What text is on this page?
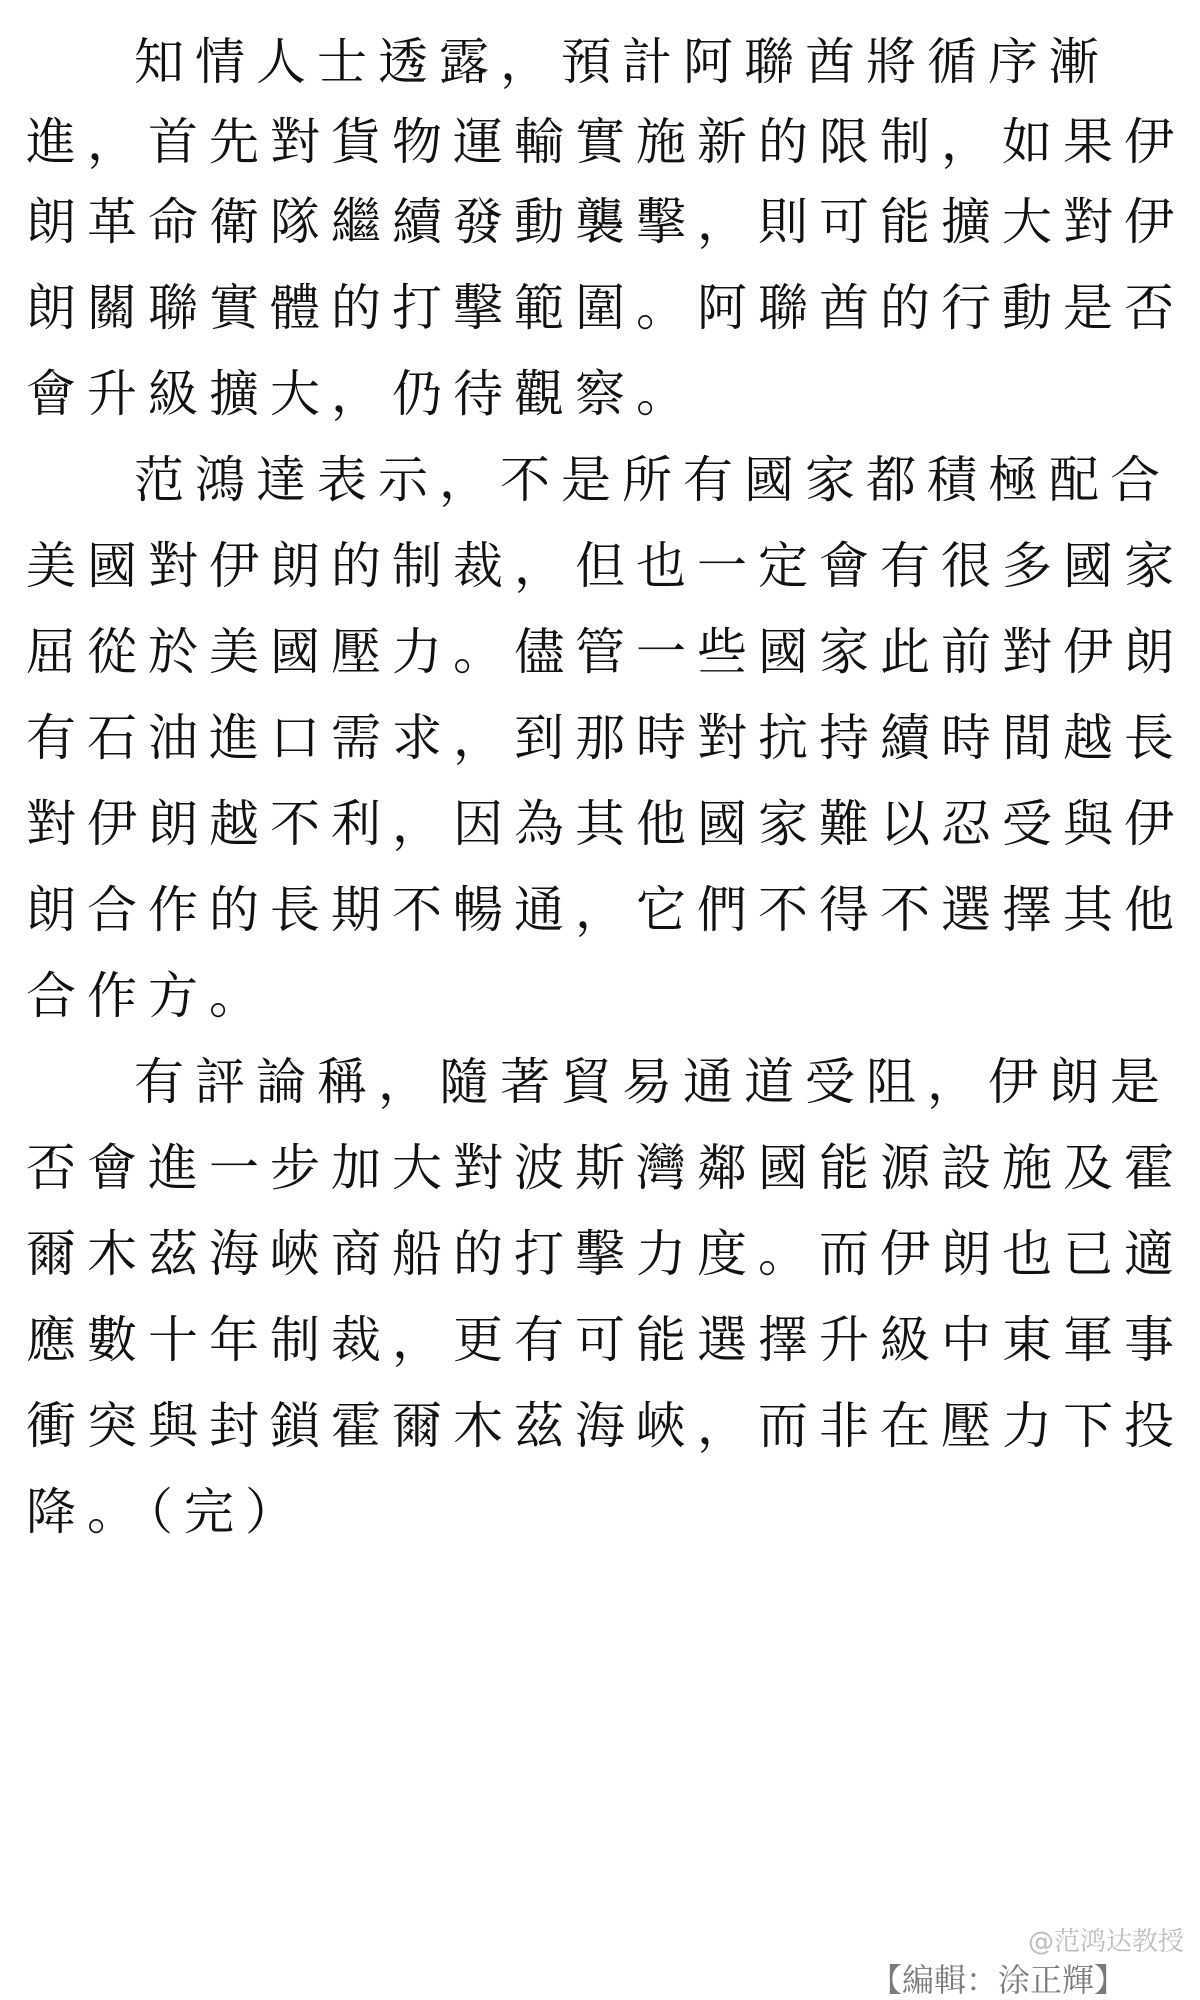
知情人士透露，預計阿聯酋將循序漸
進，首先對貨物運輸實施新的限制，如果伊
朗革命衛隊繼續發動襲擊，則可能擴大對伊
朗關聯實體的打擊範圍。阿聯酋的行動是否
會升級擴大，仍待觀察。
范鴻達表示，不是所有國家都積極配合
美國對伊朗的制裁，但也一定會有很多國家
屈從於美國壓力。儘管一些國家此前對伊朗
有石油進口需求，到那時對抗持續時間越長
對伊朗越不利，因為其他國家難以忍受與伊
朗合作的長期不暢通，它們不得不選擇其他
合作方。
有評論稱，隨著貿易通道受阻，伊朗是
否會進一步加大對波斯灣鄰國能源設施及霍
爾木茲海峽商船的打擊力度。而伊朗也已適
應數十年制裁，更有可能選擇升級中東軍事
衝突與封鎖霍爾木茲海峽，而非在壓力下投
降。（完）
@范鸿达教授
【編輯：涂正輝】
